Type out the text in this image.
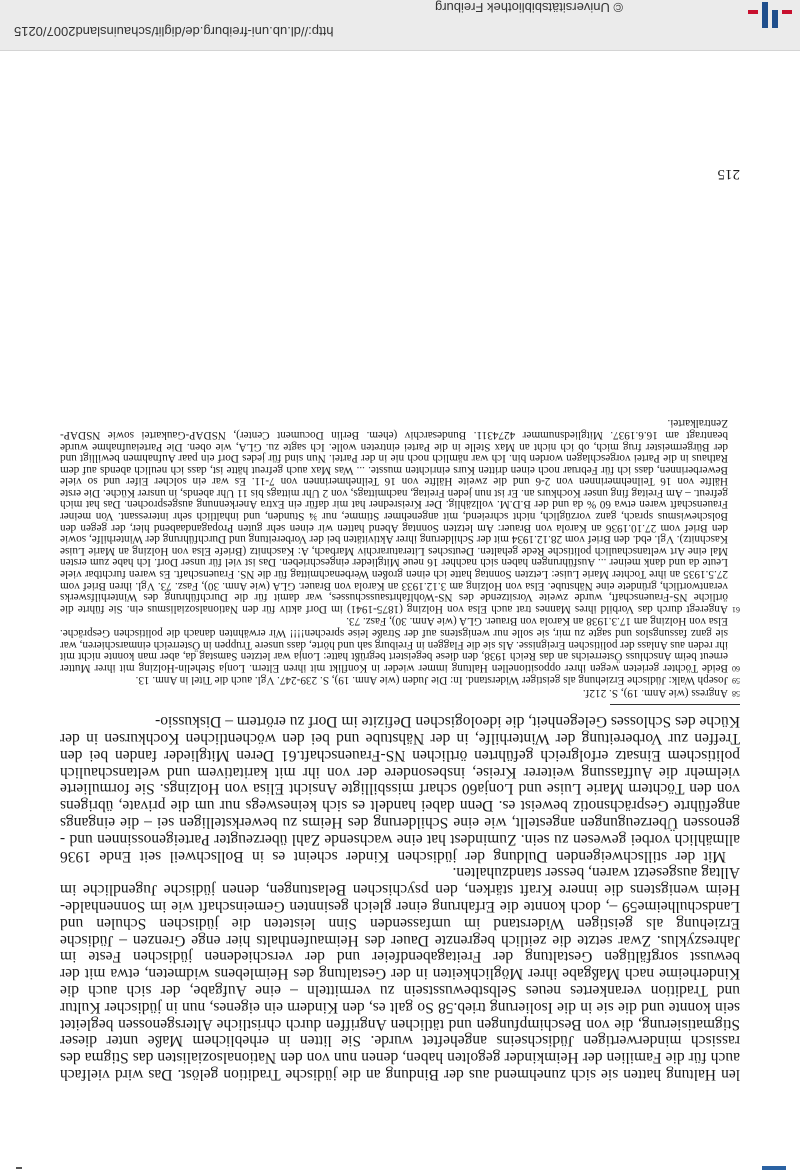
http://dl.ub.uni-freiburg.de/diglit/schauinsland2007/0215
© Universitätsbibliothek Freiburg

len Haltung hatten sie sich zunehmend aus der Bindung an die jüdische Tradition gelöst. Das wird vielfach auch für die Familien der Heimkinder gegolten haben, denen nun von den Nationalsozialisten das Stigma des rassisch minderwertigen Jüdischseins angeheftet wurde. Sie litten in erheblichem Maße unter dieser Stigmatisierung, die von Beschimpfungen und tätlichen Angriffen durch christliche Altersgenossen begleitet sein konnte und die sie in die Isolierung trieb.58 So galt es, den Kindern ein eigenes, nun in jüdischer Kultur und Tradition verankertes neues Selbstbewusstsein zu vermitteln – eine Aufgabe, der sich auch die Kinderheime nach Maßgabe ihrer Möglichkeiten in der Gestaltung des Heimlebens widmeten, etwa mit der bewusst sorgfältigen Gestaltung der Freitagabendfeier und der verschiedenen jüdischen Feste im Jahreszyklus. Zwar setzte die zeitlich begrenzte Dauer des Heimaufenthalts hier enge Grenzen – Jüdische Erziehung als geistigen Widerstand im umfassenden Sinn leisteten die jüdischen Schulen und Landschulheime59 –, doch konnte die Erfahrung einer gleich gesinnten Gemeinschaft wie im Sonnenhalde-Heim wenigstens die innere Kraft stärken, den psychischen Belastungen, denen jüdische Jugendliche im Alltag ausgesetzt waren, besser standzuhalten.

Mit der stillschweigenden Duldung der jüdischen Kinder scheint es in Bollschweil seit Ende 1936 allmählich vorbei gewesen zu sein. Zumindest hat eine wachsende Zahl überzeugter Parteigenossinnen und -genossen Überzeugungen angestellt, wie eine Schilderung des Heims zu bewerkstelligen sei – die eingangs angeführte Gesprächsnotiz beweist es. Denn dabei handelt es sich keineswegs nur um die private, übrigens von den Töchtern Marie Luise und Lonja60 scharf missbilligte Ansicht Elisa von Holzings. Sie formulierte vielmehr die Auffassung weiterer Kreise, insbesondere der von ihr mit karitativem und weltanschaulich politischem Einsatz erfolgreich geführten örtlichen NS-Frauenschaft.61 Deren Mitglieder fanden bei den Treffen zur Vorbereitung der Winterhilfe, in der Nähstube und bei den wöchentlichen Kochkursen in der Küche des Schlosses Gelegenheit, die ideologischen Defizite im Dorf zu erörtern – Diskussio-

58
Angress (wie Anm. 19), S. 212f.
59
Joseph Walk: Jüdische Erziehung als geistiger Widerstand. In: Die Juden (wie Anm. 19), S. 239-247. Vgl. auch die Titel in Anm. 13.
60
Beide Töchter gerieten wegen ihrer oppositionellen Haltung immer wieder in Konflikt mit ihren Eltern. Lonja Stehelin-Holzing mit ihrer Mutter erneut beim Anschluss Österreichs an das Reich 1938, den diese begeistert begrüßt hatte: Lonja war letzten Samstag da, aber man konnte nicht mit ihr reden aus Anlass der politischen Ereignisse. Als sie die Flaggen in Freiburg sah und hörte, dass unsere Truppen in Österreich einmarschieren, war sie ganz fassungslos und sagte zu mir, sie solle nur wenigstens auf der Straße leise sprechen!!!! Wir erwähnten danach die politischen Gespräche. Elsa von Holzing am 17.3.1938 an Karola von Brauer. GLA (wie Anm. 30), Fasz. 73.
61
Angeregt durch das Vorbild ihres Mannes trat auch Elsa von Holzing (1875-1941) im Dorf aktiv für den Nationalsozialismus ein. Sie führte die örtliche NS-Frauenschaft, wurde zweite Vorsitzende des NS-Wohlfahrtsausschusses, war damit für die Durchführung des Winterhilfswerks verantwortlich, gründete eine Nähstube. Elsa von Holzing am 3.12.1933 an Karola von Brauer. GLA (wie Anm. 30), Fasz. 73. Vgl. ihren Brief vom 27.5.1935 an ihre Tochter Marie Luise: Letzten Sonntag hatte ich einen großen Werbenachmittag für die NS. Frauenschaft. Es waren furchtbar viele Leute da und dank meiner ... Ausführungen haben sich nachher 16 neue Mitglieder eingeschrieben. Das ist viel für unser Dorf. Ich habe zum ersten Mal eine Art weltanschaulich politische Rede gehalten. Deutsches Literaturarchiv Marbach, A: Kaschnitz (Briefe Elsa von Holzing an Marie Luise Kaschnitz). Vgl. ebd. den Brief vom 28.12.1934 mit der Schilderung ihrer Aktivitäten bei der Vorbereitung und Durchführung der Winterhilfe, sowie den Brief vom 27.10.1936 an Karola von Brauer: Am letzten Sonntag Abend hatten wir einen sehr guten Propagandaabend hier, der gegen den Bolschewismus sprach, ganz vorzüglich, nicht schreiend, mit angenehmer Stimme, nur ¾ Stunden, und inhaltlich sehr interessant. Von meiner Frauenschaft waren etwa 60 % da und der B.D.M. vollzählig. Der Kreisredner hat mir dafür ein Extra Anerkennung ausgesprochen. Das hat mich gefreut. – Am Freitag fing unser Kochkurs an. Er ist nun jeden Freitag, nachmittags, von 2 Uhr mittags bis 11 Uhr abends, in unsrer Küche. Die erste Hälfte von 16 Teilnehmerinnen von 2-6 und die zweite Hälfte von 16 Teilnehmerinnen von 7-11. Es war ein solcher Eifer und so viele Bewerberinnen, dass ich für Februar noch einen dritten Kurs einrichten musste. ... Was Max auch gefreut hätte ist, dass ich neulich abends auf dem Rathaus in die Partei vorgeschlagen worden bin. Ich war nämlich noch nie in der Partei. Nun sind für jedes Dorf ein paar Aufnahmen bewilligt und der Bürgermeister frug mich, ob ich nicht an Max Stelle in die Partei eintreten wolle. Ich sagte zu. GLA, wie oben. Die Parteiaufnahme wurde beantragt am 16.6.1937. Mitgliedsnummer 4274311. Bundesarchiv (ehem. Berlin Document Center), NSDAP-Gaukartei sowie NSDAP-Zentralkartei.
215
